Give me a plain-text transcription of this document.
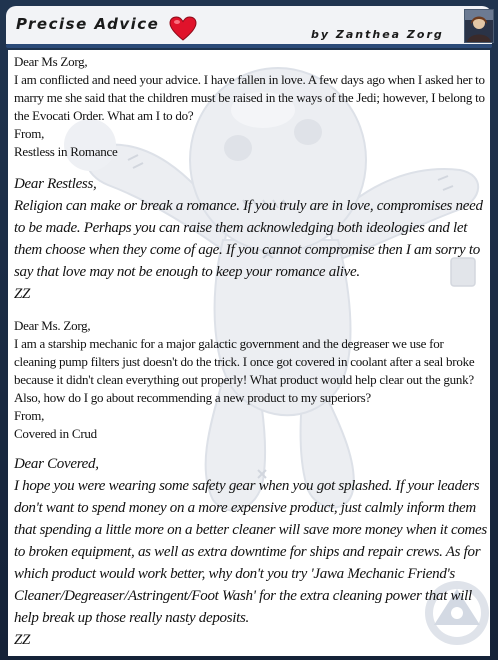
Precise Advice

by Zanthea Zorg

Dear Ms Zorg,
I am conflicted and need your advice. I have fallen in love. A few days ago when I asked her to marry me she said that the children must be raised in the ways of the Jedi; however, I belong to the Evocati Order. What am I to do?
From,
Restless in Romance
Dear Restless,
Religion can make or break a romance. If you truly are in love, compromises need to be made. Perhaps you can raise them acknowledging both ideologies and let them choose when they come of age. If you cannot compromise then I am sorry to say that love may not be enough to keep your romance alive.
ZZ
Dear Ms. Zorg,
I am a starship mechanic for a major galactic government and the degreaser we use for cleaning pump filters just doesn't do the trick. I once got covered in coolant after a seal broke because it didn't clean everything out properly! What product would help clear out the gunk? Also, how do I go about recommending a new product to my superiors?
From,
Covered in Crud
Dear Covered,
I hope you were wearing some safety gear when you got splashed. If your leaders don't want to spend money on a more expensive product, just calmly inform them that spending a little more on a better cleaner will save more money when it comes to broken equipment, as well as extra downtime for ships and repair crews. As for which product would work better, why don't you try 'Jawa Mechanic Friend's Cleaner/Degreaser/Astringent/Foot Wash' for the extra cleaning power that will help break up those really nasty deposits.
ZZ
